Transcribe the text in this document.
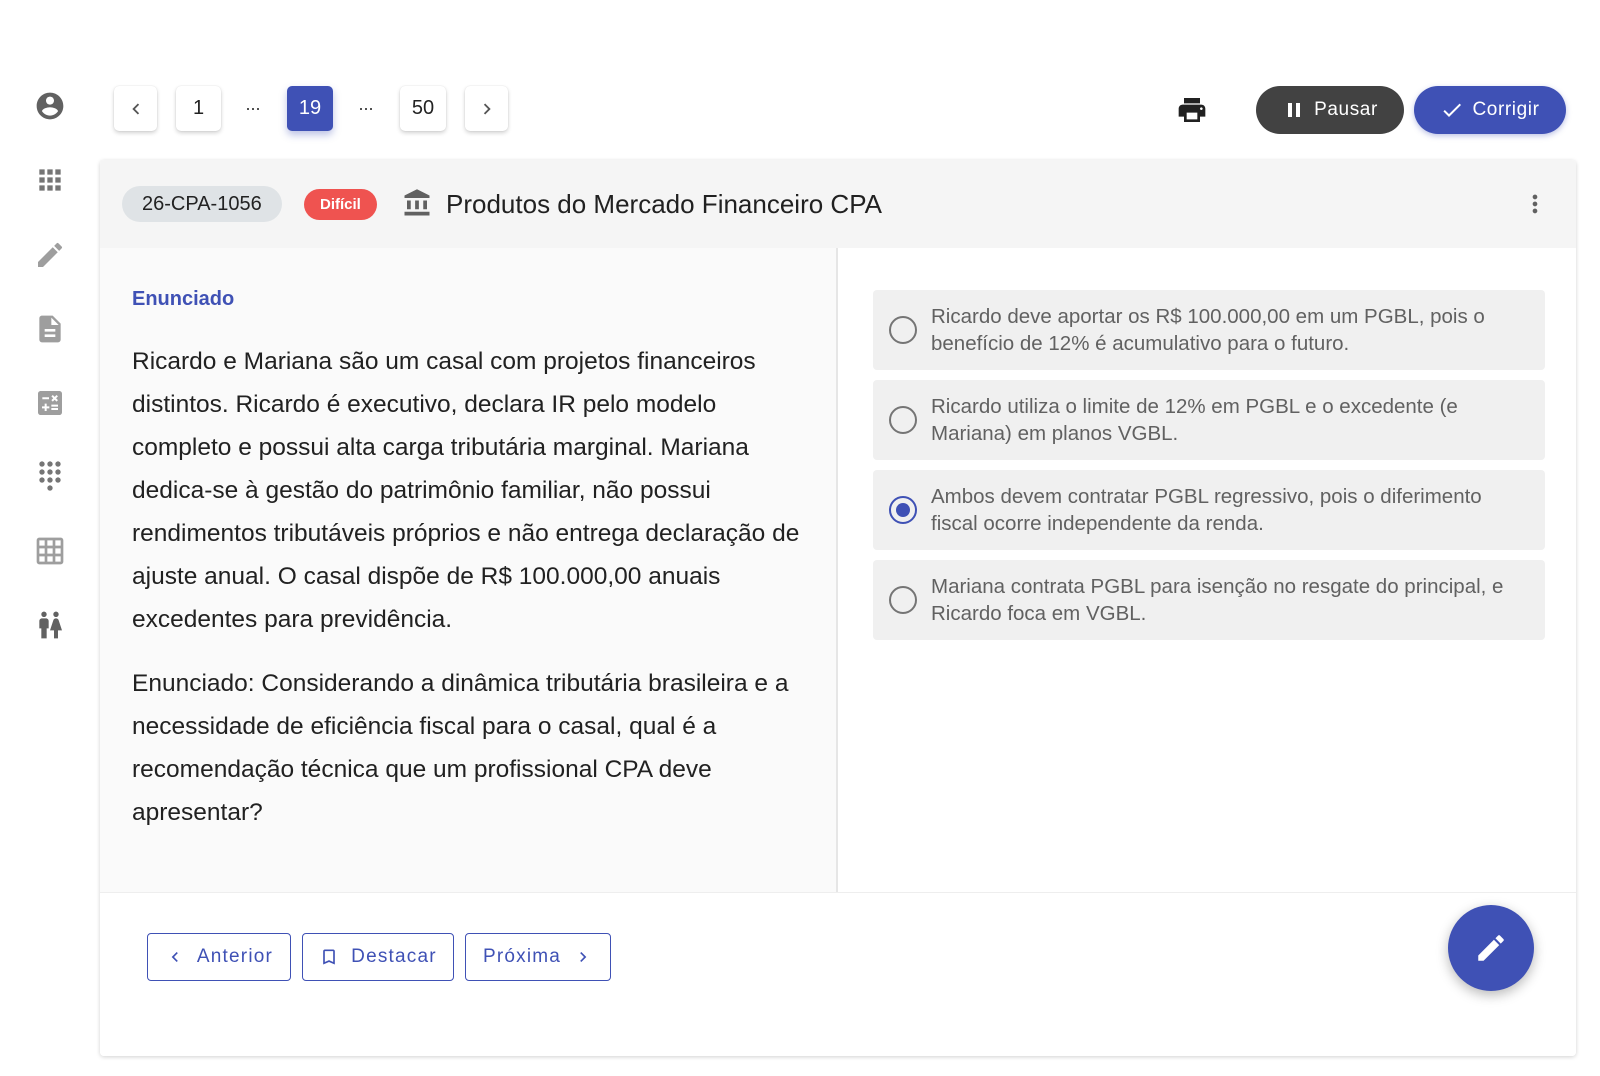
1	...	19	...	50	Pausar	Corrigir
26-CPA-1056	Difícil	Produtos do Mercado Financeiro CPA
Enunciado

Ricardo e Mariana são um casal com projetos financeiros distintos. Ricardo é executivo, declara IR pelo modelo completo e possui alta carga tributária marginal. Mariana dedica-se à gestão do patrimônio familiar, não possui rendimentos tributáveis próprios e não entrega declaração de ajuste anual. O casal dispõe de R$ 100.000,00 anuais excedentes para previdência.

Enunciado: Considerando a dinâmica tributária brasileira e a necessidade de eficiência fiscal para o casal, qual é a recomendação técnica que um profissional CPA deve apresentar?

Ricardo deve aportar os R$ 100.000,00 em um PGBL, pois o benefício de 12% é acumulativo para o futuro.
Ricardo utiliza o limite de 12% em PGBL e o excedente (e Mariana) em planos VGBL.
Ambos devem contratar PGBL regressivo, pois o diferimento fiscal ocorre independente da renda.
Mariana contrata PGBL para isenção no resgate do principal, e Ricardo foca em VGBL.
Anterior	Destacar Próxima
